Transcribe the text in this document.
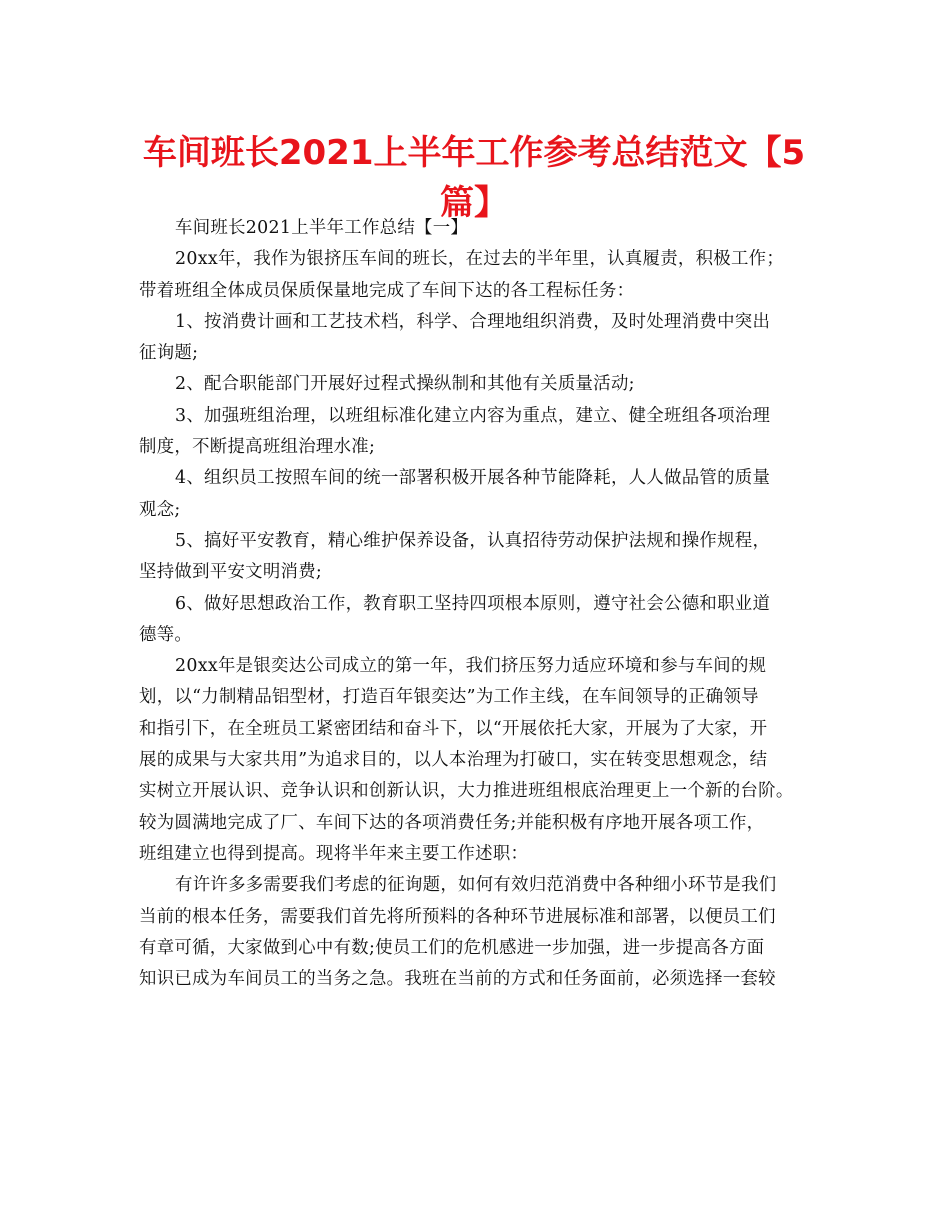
车间班长2021上半年工作参考总结范文【5
篇】
车间班长2021上半年工作总结【一】
20xx年，我作为银挤压车间的班长，在过去的半年里，认真履责，积极工作；
带着班组全体成员保质保量地完成了车间下达的各工程标任务：
1、按消费计画和工艺技术档，科学、合理地组织消费，及时处理消费中突出
征询题;
2、配合职能部门开展好过程式操纵制和其他有关质量活动;
3、加强班组治理，以班组标准化建立内容为重点，建立、健全班组各项治理
制度，不断提高班组治理水准;
4、组织员工按照车间的统一部署积极开展各种节能降耗，人人做品管的质量
观念;
5、搞好平安教育，精心维护保养设备，认真招待劳动保护法规和操作规程，
坚持做到平安文明消费;
6、做好思想政治工作，教育职工坚持四项根本原则，遵守社会公德和职业道
德等。
20xx年是银奕达公司成立的第一年，我们挤压努力适应环境和参与车间的规
划，以“力制精品铝型材，打造百年银奕达”为工作主线，在车间领导的正确领导
和指引下，在全班员工紧密团结和奋斗下，以“开展依托大家，开展为了大家，开
展的成果与大家共用”为追求目的，以人本治理为打破口，实在转变思想观念，结
实树立开展认识、竞争认识和创新认识，大力推进班组根底治理更上一个新的台阶。
较为圆满地完成了厂、车间下达的各项消费任务;并能积极有序地开展各项工作，
班组建立也得到提高。现将半年来主要工作述职：
有许许多多需要我们考虑的征询题，如何有效归范消费中各种细小环节是我们
当前的根本任务，需要我们首先将所预料的各种环节进展标准和部署，以便员工们
有章可循，大家做到心中有数;使员工们的危机感进一步加强，进一步提高各方面
知识已成为车间员工的当务之急。我班在当前的方式和任务面前，必须选择一套较
